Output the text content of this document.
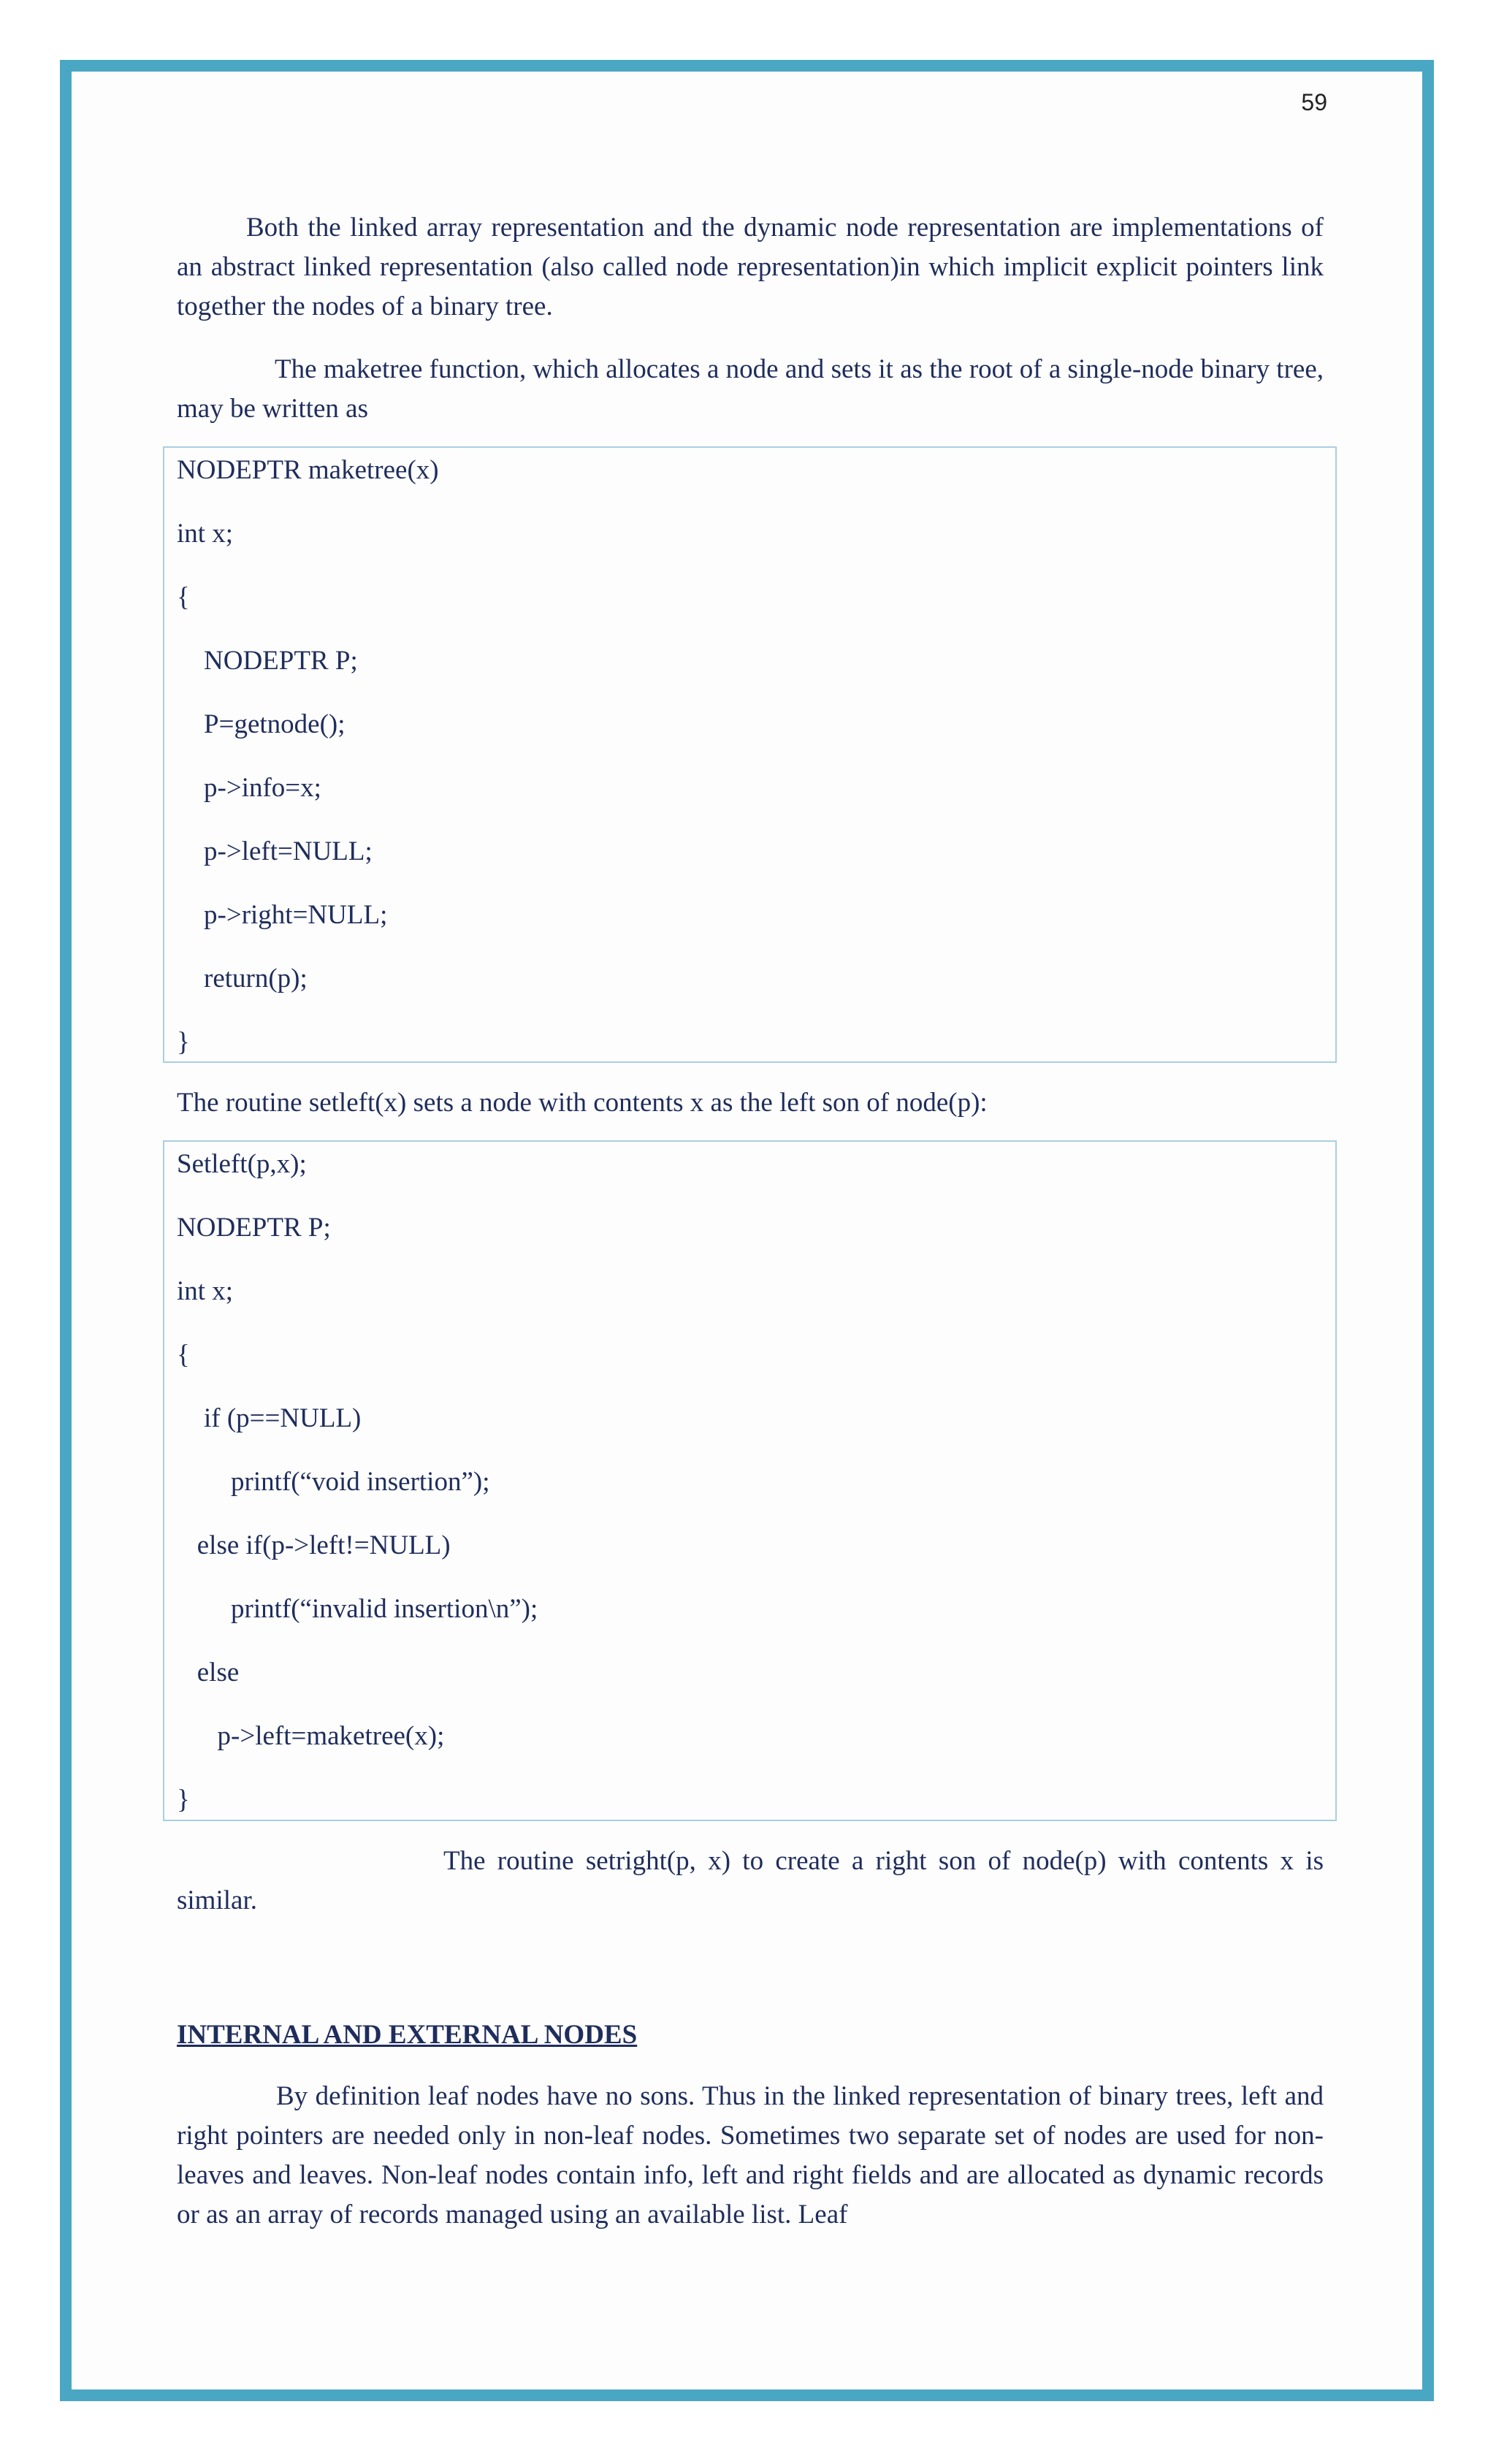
59

Both the linked array representation and the dynamic node representation are implementations of an abstract linked representation (also called node representation)in which implicit explicit pointers link together the nodes of a binary tree.

The maketree function, which allocates a node and sets it as the root of a single-node binary tree, may be written as

NODEPTR maketree(x)
int x;
{
NODEPTR P;
P=getnode();
p->info=x;
p->left=NULL;
p->right=NULL;
return(p);
}

The routine setleft(x) sets a node with contents x as the left son of node(p):

Setleft(p,x);
NODEPTR P;
int x;
{
if (p==NULL)
printf(“void insertion”);
else if(p->left!=NULL)
printf(“invalid insertion\n”);
else
p->left=maketree(x);
}

The routine setright(p, x) to create a right son of node(p) with contents x is similar.

INTERNAL AND EXTERNAL NODES

By definition leaf nodes have no sons. Thus in the linked representation of binary trees, left and right pointers are needed only in non-leaf nodes. Sometimes two separate set of nodes are used for non-leaves and leaves. Non-leaf nodes contain info, left and right fields and are allocated as dynamic records or as an array of records managed using an available list. Leaf
